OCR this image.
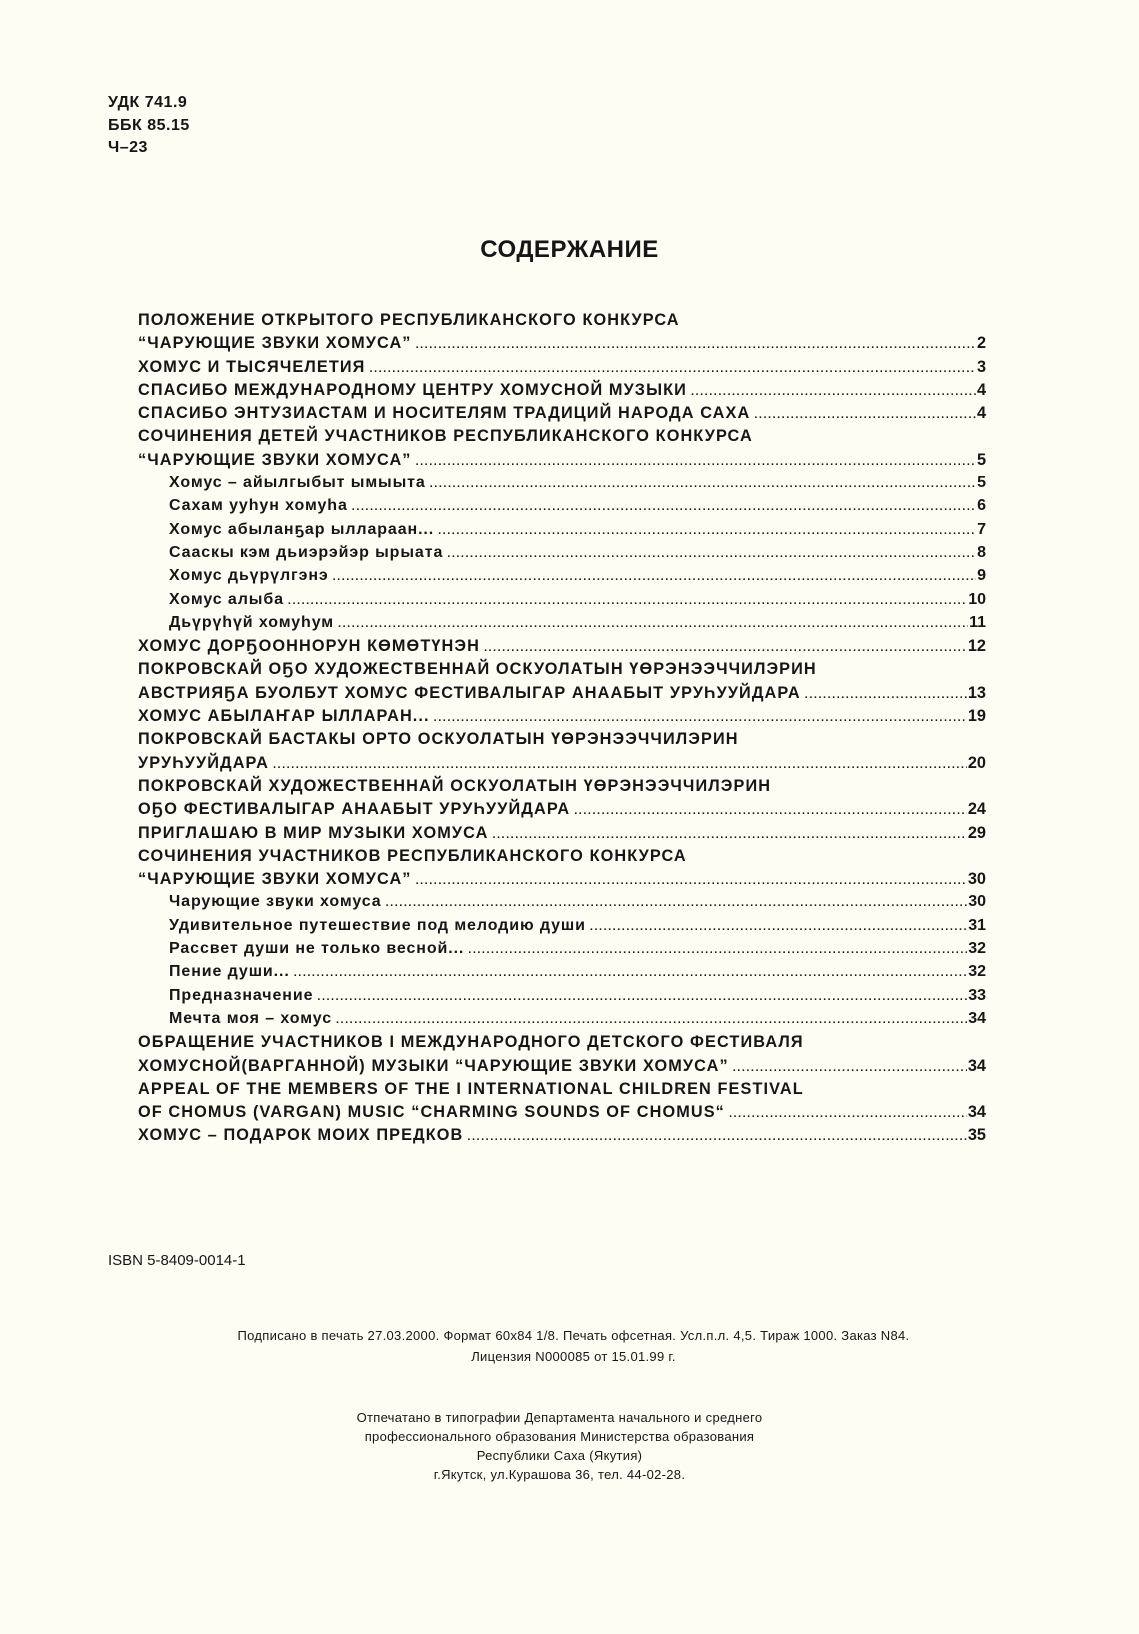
УДК 741.9
ББК 85.15
Ч–23
СОДЕРЖАНИЕ
ПОЛОЖЕНИЕ ОТКРЫТОГО РЕСПУБЛИКАНСКОГО КОНКУРСА
“ЧАРУЮЩИЕ ЗВУКИ ХОМУСА” .....	2
ХОМУС И ТЫСЯЧЕЛЕТИЯ .....	3
СПАСИБО МЕЖДУНАРОДНОМУ ЦЕНТРУ ХОМУСНОЙ МУЗЫКИ .....	4
СПАСИБО ЭНТУЗИАСТАМ И НОСИТЕЛЯМ ТРАДИЦИЙ НАРОДА САХА .....	4
СОЧИНЕНИЯ ДЕТЕЙ УЧАСТНИКОВ РЕСПУБЛИКАНСКОГО КОНКУРСА
“ЧАРУЮЩИЕ ЗВУКИ ХОМУСА” .....	5
Хомус – айылгыбыт ымыыта .....	5
Сахам ууһун хомуһа .....	6
Хомус абыланҕар ыллараан... .....	7
Сааскы кэм дьиэрэйэр ырыата .....	8
Хомус дьүрүлгэнэ .....	9
Хомус алыба .....	10
Дьүрүһүй хомуһум .....	11
ХОМУС ДОРҔООННОРУН КӨМӨТҮНЭН .....	12
ПОКРОВСКАЙ ОҔО ХУДОЖЕСТВЕННАЙ ОСКУОЛАТЫН ҮӨРЭНЭЭЧЧИЛЭРИН
АВСТРИЯҔА БУОЛБУТ ХОМУС ФЕСТИВАЛЫГАР АНААБЫТ УРУҺУУЙДАРА .....	13
ХОМУС АБЫЛАҤАР ЫЛЛАРАН... .....	19
ПОКРОВСКАЙ БАСТАКЫ ОРТО ОСКУОЛАТЫН ҮӨРЭНЭЭЧЧИЛЭРИН
УРУҺУУЙДАРА .....	20
ПОКРОВСКАЙ ХУДОЖЕСТВЕННАЙ ОСКУОЛАТЫН ҮӨРЭНЭЭЧЧИЛЭРИН
ОҔО ФЕСТИВАЛЫГАР АНААБЫТ УРУҺУУЙДАРА .....	24
ПРИГЛАШАЮ В МИР МУЗЫКИ ХОМУСА .....	29
СОЧИНЕНИЯ УЧАСТНИКОВ РЕСПУБЛИКАНСКОГО КОНКУРСА
“ЧАРУЮЩИЕ ЗВУКИ ХОМУСА” .....	30
Чарующие звуки хомуса .....	30
Удивительное путешествие под мелодию души .....	31
Рассвет души не только весной... .....	32
Пение души... .....	32
Предназначение .....	33
Мечта моя – хомус .....	34
ОБРАЩЕНИЕ УЧАСТНИКОВ I МЕЖДУНАРОДНОГО ДЕТСКОГО ФЕСТИВАЛЯ
ХОМУСНОЙ(ВАРГАННОЙ) МУЗЫКИ “ЧАРУЮЩИЕ ЗВУКИ ХОМУСА” .....	34
APPEAL OF THE MEMBERS OF THE I INTERNATIONAL CHILDREN FESTIVAL
OF CHOMUS (VARGAN) MUSIC “CHARMING SOUNDS OF CHOMUS“ .....	34
ХОМУС – ПОДАРОК МОИХ ПРЕДКОВ .....	35
ISBN 5-8409-0014-1
Подписано в печать 27.03.2000. Формат 60x84 1/8. Печать офсетная. Усл.п.л. 4,5. Тираж 1000. Заказ N84.
Лицензия N000085 от 15.01.99 г.
Отпечатано в типографии Департамента начального и среднего
профессионального образования Министерства образования
Республики Саха (Якутия)
г.Якутск, ул.Курашова 36, тел. 44-02-28.
